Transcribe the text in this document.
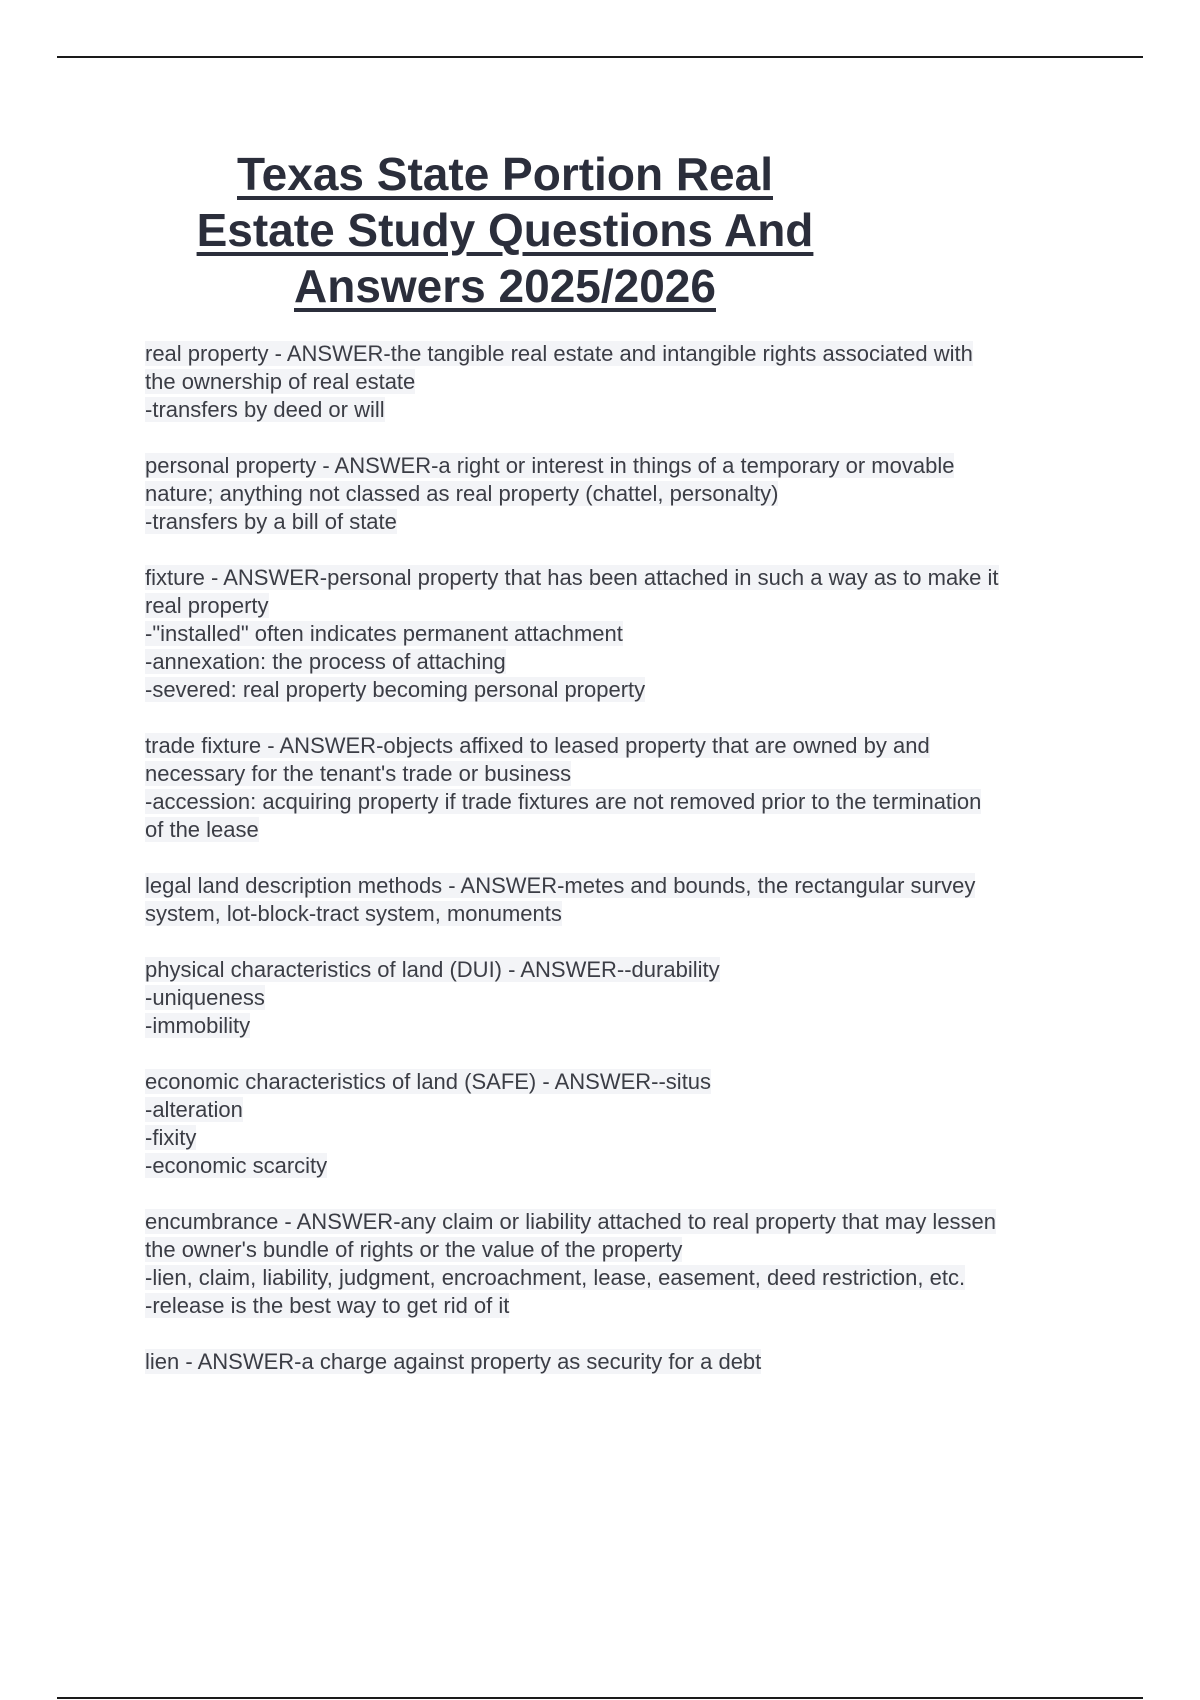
Texas State Portion Real
Estate Study Questions And
Answers 2025/2026
real property - ANSWER-the tangible real estate and intangible rights associated with
the ownership of real estate
-transfers by deed or will
personal property - ANSWER-a right or interest in things of a temporary or movable
nature; anything not classed as real property (chattel, personalty)
-transfers by a bill of state
fixture - ANSWER-personal property that has been attached in such a way as to make it
real property
-"installed" often indicates permanent attachment
-annexation: the process of attaching
-severed: real property becoming personal property
trade fixture - ANSWER-objects affixed to leased property that are owned by and
necessary for the tenant's trade or business
-accession: acquiring property if trade fixtures are not removed prior to the termination
of the lease
legal land description methods - ANSWER-metes and bounds, the rectangular survey
system, lot-block-tract system, monuments
physical characteristics of land (DUI) - ANSWER--durability
-uniqueness
-immobility
economic characteristics of land (SAFE) - ANSWER--situs
-alteration
-fixity
-economic scarcity
encumbrance - ANSWER-any claim or liability attached to real property that may lessen
the owner's bundle of rights or the value of the property
-lien, claim, liability, judgment, encroachment, lease, easement, deed restriction, etc.
-release is the best way to get rid of it
lien - ANSWER-a charge against property as security for a debt
